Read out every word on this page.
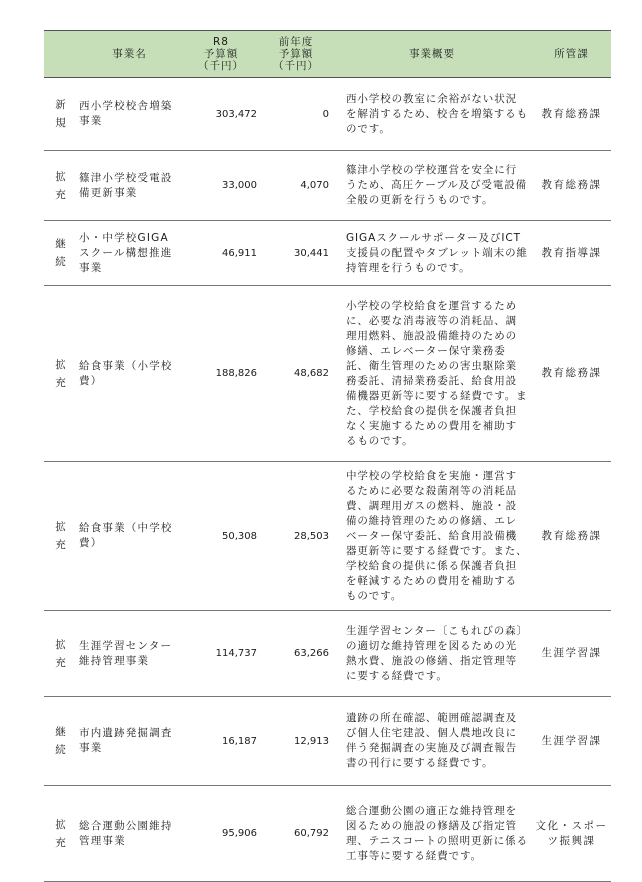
	事業名	R8
予算額
（千円）	前年度
予算額
（千円）	事業概要	所管課

新
規	西小学校校舎増築事業	303,472	0	西小学校の教室に余裕がない状況を解消するため、校舎を増築するものです。	教育総務課

拡
充	篠津小学校受電設備更新事業	33,000	4,070	篠津小学校の学校運営を安全に行うため、高圧ケーブル及び受電設備全般の更新を行うものです。	教育総務課

継
続	小・中学校GIGAスクール構想推進事業	46,911	30,441	GIGAスクールサポーター及びICT支援員の配置やタブレット端末の維持管理を行うものです。	教育指導課

拡
充	給食事業（小学校費）	188,826	48,682	小学校の学校給食を運営するために、必要な消毒液等の消耗品、調理用燃料、施設設備維持のための修繕、エレベーター保守業務委託、衛生管理のための害虫駆除業務委託、清掃業務委託、給食用設備機器更新等に要する経費です。また、学校給食の提供を保護者負担なく実施するための費用を補助するものです。	教育総務課

拡
充	給食事業（中学校費）	50,308	28,503	中学校の学校給食を実施・運営するために必要な殺菌剤等の消耗品費、調理用ガスの燃料、施設・設備の維持管理のための修繕、エレベーター保守委託、給食用設備機器更新等に要する経費です。また、学校給食の提供に係る保護者負担を軽減するための費用を補助するものです。	教育総務課

拡
充	生涯学習センター維持管理事業	114,737	63,266	生涯学習センター〔こもれびの森〕の適切な維持管理を図るための光熱水費、施設の修繕、指定管理等に要する経費です。	生涯学習課

継
続	市内遺跡発掘調査事業	16,187	12,913	遺跡の所在確認、範囲確認調査及び個人住宅建設、個人農地改良に伴う発掘調査の実施及び調査報告書の刊行に要する経費です。	生涯学習課

拡
充	総合運動公園維持管理事業	95,906	60,792	総合運動公園の適正な維持管理を図るための施設の修繕及び指定管理、テニスコートの照明更新に係る工事等に要する経費です。	文化・スポーツ振興課
